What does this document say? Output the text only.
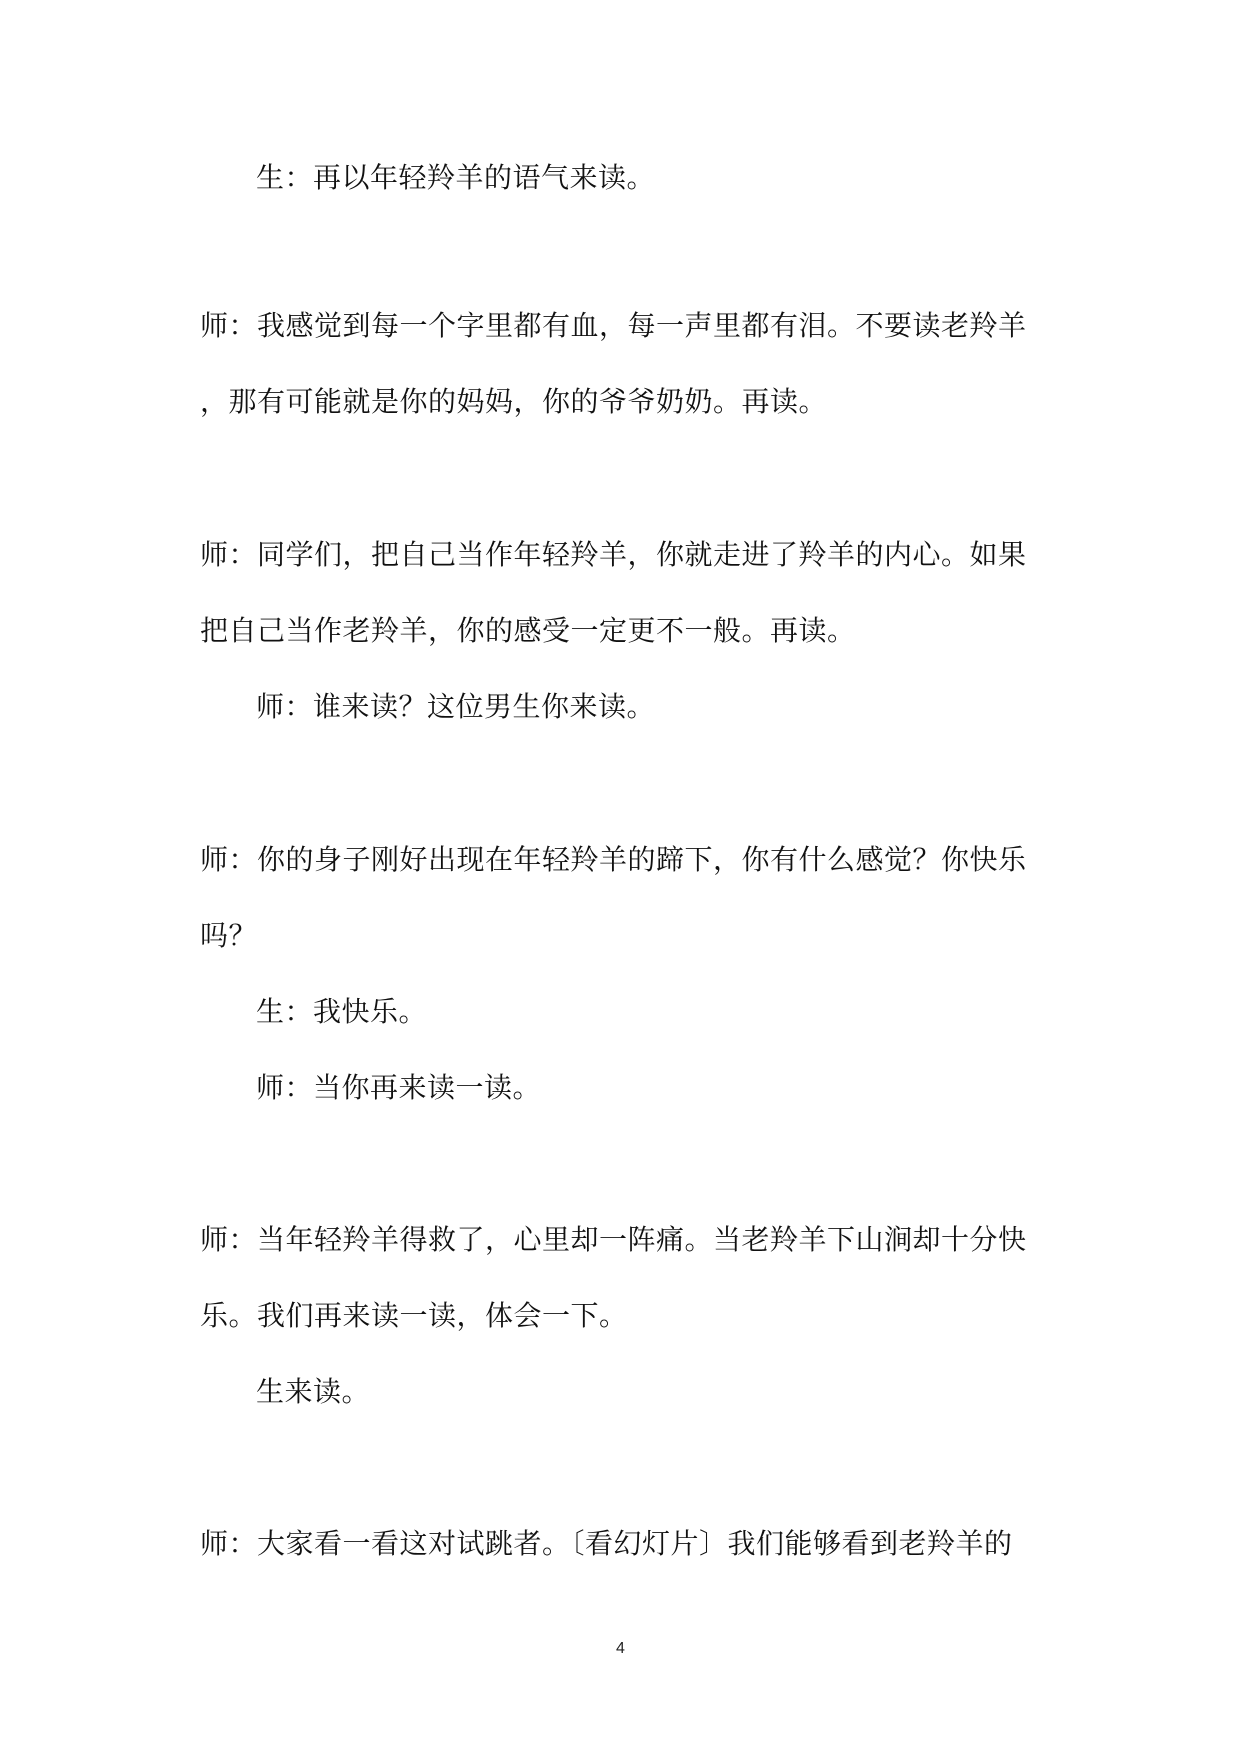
生：再以年轻羚羊的语气来读。
师：我感觉到每一个字里都有血，每一声里都有泪。不要读老羚羊
，那有可能就是你的妈妈，你的爷爷奶奶。再读。
师：同学们，把自己当作年轻羚羊，你就走进了羚羊的内心。如果
把自己当作老羚羊，你的感受一定更不一般。再读。
师：谁来读？这位男生你来读。
师：你的身子刚好出现在年轻羚羊的蹄下，你有什么感觉？你快乐
吗？
生：我快乐。
师：当你再来读一读。
师：当年轻羚羊得救了，心里却一阵痛。当老羚羊下山涧却十分快
乐。我们再来读一读，体会一下。
生来读。
师：大家看一看这对试跳者。〔看幻灯片〕我们能够看到老羚羊的
4
